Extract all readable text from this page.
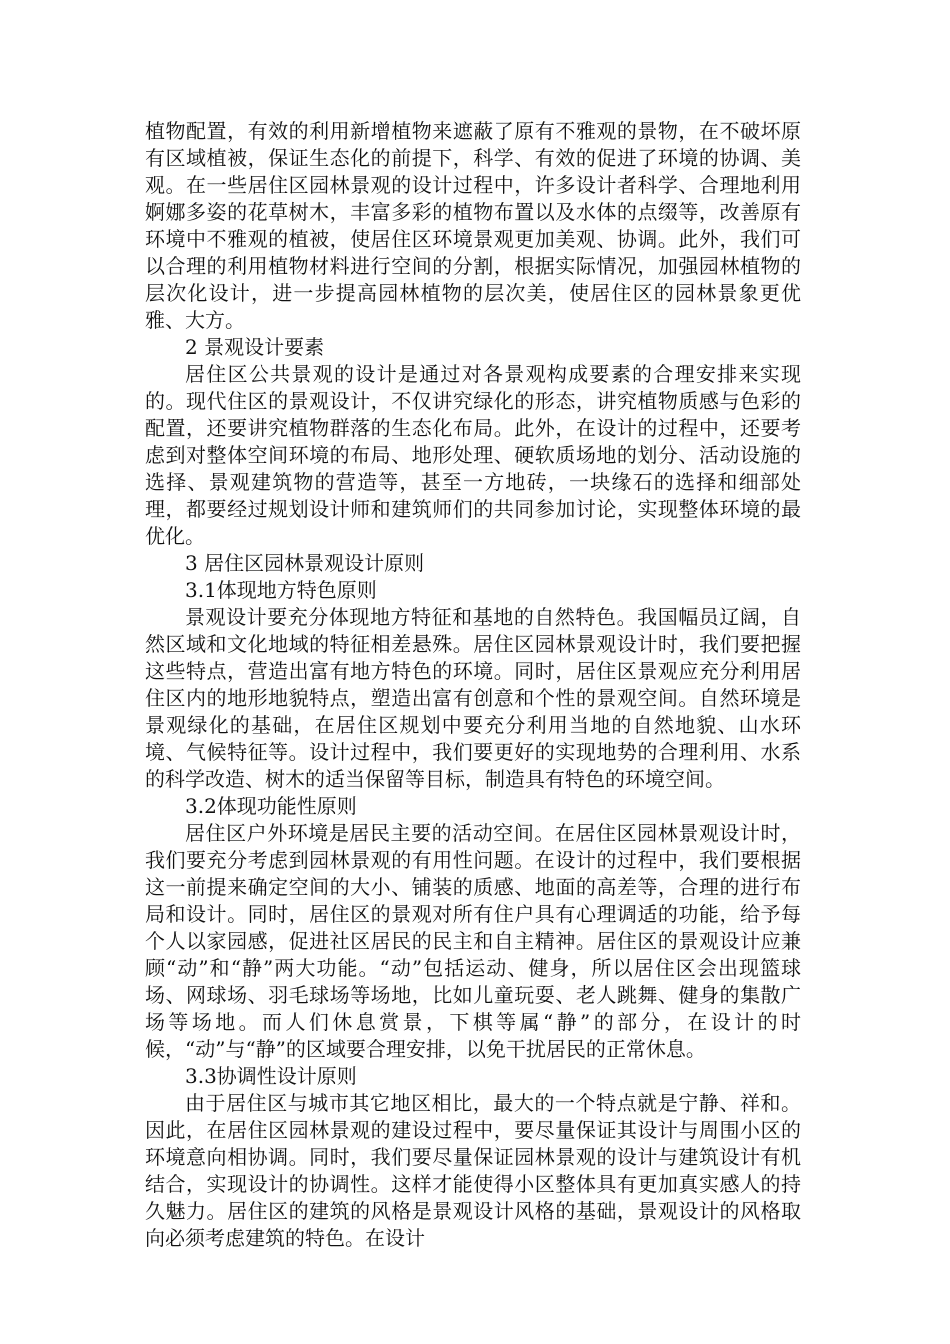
植物配置，有效的利用新增植物来遮蔽了原有不雅观的景物，在不破坏原有区域植被，保证生态化的前提下，科学、有效的促进了环境的协调、美观。在一些居住区园林景观的设计过程中，许多设计者科学、合理地利用婀娜多姿的花草树木，丰富多彩的植物布置以及水体的点缀等，改善原有环境中不雅观的植被，使居住区环境景观更加美观、协调。此外，我们可以合理的利用植物材料进行空间的分割，根据实际情况，加强园林植物的层次化设计，进一步提高园林植物的层次美，使居住区的园林景象更优雅、大方。

2 景观设计要素

居住区公共景观的设计是通过对各景观构成要素的合理安排来实现的。现代住区的景观设计，不仅讲究绿化的形态，讲究植物质感与色彩的配置，还要讲究植物群落的生态化布局。此外，在设计的过程中，还要考虑到对整体空间环境的布局、地形处理、硬软质场地的划分、活动设施的选择、景观建筑物的营造等，甚至一方地砖，一块缘石的选择和细部处理，都要经过规划设计师和建筑师们的共同参加讨论，实现整体环境的最优化。

3 居住区园林景观设计原则

3.1体现地方特色原则

景观设计要充分体现地方特征和基地的自然特色。我国幅员辽阔，自然区域和文化地域的特征相差悬殊。居住区园林景观设计时，我们要把握这些特点，营造出富有地方特色的环境。同时，居住区景观应充分利用居住区内的地形地貌特点，塑造出富有创意和个性的景观空间。自然环境是景观绿化的基础，在居住区规划中要充分利用当地的自然地貌、山水环境、气候特征等。设计过程中，我们要更好的实现地势的合理利用、水系的科学改造、树木的适当保留等目标，制造具有特色的环境空间。

3.2体现功能性原则

居住区户外环境是居民主要的活动空间。在居住区园林景观设计时，我们要充分考虑到园林景观的有用性问题。在设计的过程中，我们要根据这一前提来确定空间的大小、铺装的质感、地面的高差等，合理的进行布局和设计。同时，居住区的景观对所有住户具有心理调适的功能，给予每个人以家园感，促进社区居民的民主和自主精神。居住区的景观设计应兼顾“动”和“静”两大功能。“动”包括运动、健身，所以居住区会出现篮球场、网球场、羽毛球场等场地，比如儿童玩耍、老人跳舞、健身的集散广场等场地。而人们休息赏景，下棋等属“静”的部分，在设计的时候，“动”与“静”的区域要合理安排，以免干扰居民的正常休息。

3.3协调性设计原则

由于居住区与城市其它地区相比，最大的一个特点就是宁静、祥和。因此，在居住区园林景观的建设过程中，要尽量保证其设计与周围小区的环境意向相协调。同时，我们要尽量保证园林景观的设计与建筑设计有机结合，实现设计的协调性。这样才能使得小区整体具有更加真实感人的持久魅力。居住区的建筑的风格是景观设计风格的基础，景观设计的风格取向必须考虑建筑的特色。在设计
